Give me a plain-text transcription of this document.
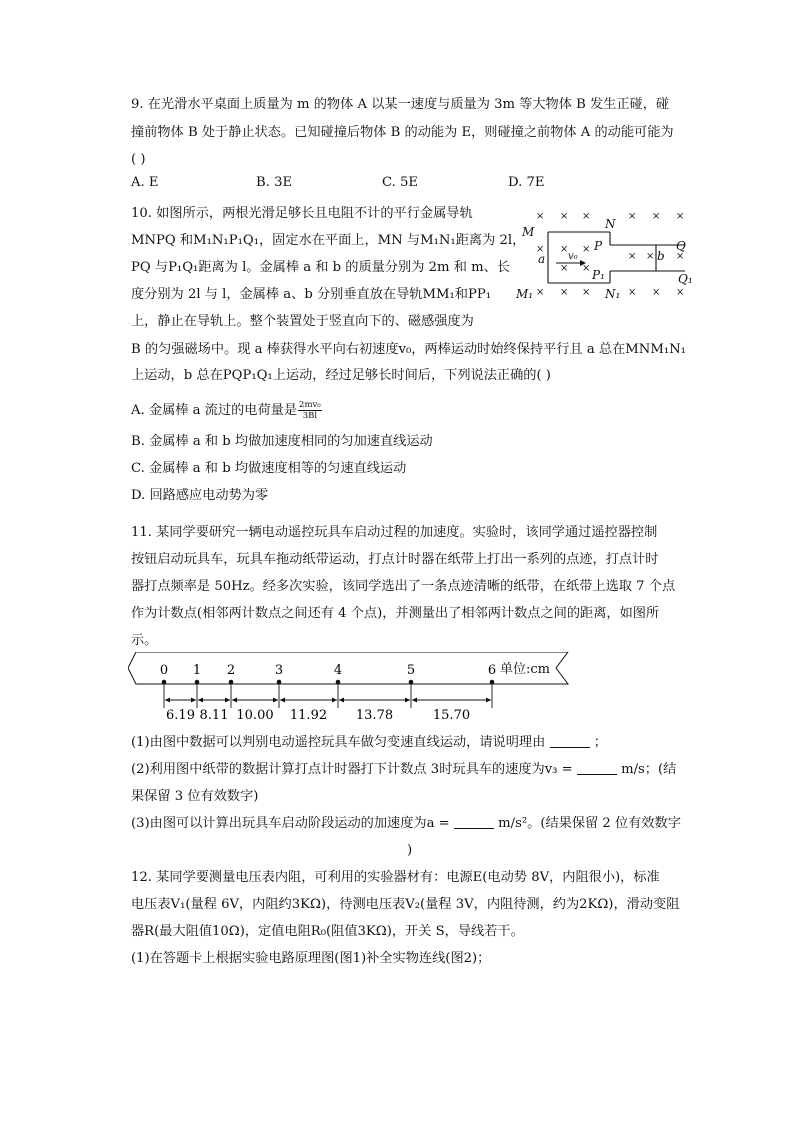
9. 在光滑水平桌面上质量为 m 的物体 A 以某一速度与质量为 3m 等大物体 B 发生正碰，碰
撞前物体 B 处于静止状态。已知碰撞后物体 B 的动能为 E，则碰撞之前物体 A 的动能可能为
( )
A. E	B. 3E	C. 5E	D. 7E
10. 如图所示，两根光滑足够长且电阻不计的平行金属导轨
MNPQ 和M₁N₁P₁Q₁，固定水在平面上，MN 与M₁N₁距离为 2l，
PQ 与P₁Q₁距离为 l。金属棒 a 和 b 的质量分别为 2m 和 m、长
度分别为 2l 与 l，金属棒 a、b 分别垂直放在导轨MM₁和PP₁
上，静止在导轨上。整个装置处于竖直向下的、磁感强度为
B 的匀强磁场中。现 a 棒获得水平向右初速度v₀，两棒运动时始终保持平行且 a 总在MNM₁N₁
上运动，b 总在PQP₁Q₁上运动，经过足够长时间后，下列说法正确的( )
A. 金属棒 a 流过的电荷量是 $\frac{\text{2mv₀}}{3Bl}$
B. 金属棒 a 和 b 均做加速度相同的匀加速直线运动
C. 金属棒 a 和 b 均做速度相等的匀速直线运动
D. 回路感应电动势为零
M
N
P	Q
M₁	N₁
P₁	Q₁
a	b
v₀
× × ×	× × ×
× × ×
× ×
× × ×
× × ×	× × ×
11. 某同学要研究一辆电动遥控玩具车启动过程的加速度。实验时，该同学通过遥控器控制
按钮启动玩具车，玩具车拖动纸带运动，打点计时器在纸带上打出一系列的点迹，打点计时
器打点频率是 50Hz。经多次实验，该同学选出了一条点迹清晰的纸带，在纸带上选取 7 个点
作为计数点(相邻两计数点之间还有 4 个点)，并测量出了相邻两计数点之间的距离，如图所
示。
0 1 2	3	4	5	6
6.19 8.11 10.00 11.92 13.78	15.70
单位:cm
(1)由图中数据可以判别电动遥控玩具车做匀变速直线运动，请说明理由	；
(2)利用图中纸带的数据计算打点计时器打下计数点 3时玩具车的速度为v₃ =	m/s；(结
果保留 3 位有效数字)
(3)由图可以计算出玩具车启动阶段运动的加速度为a =	m/s²。(结果保留 2 位有效数字
)
12. 某同学要测量电压表内阻，可利用的实验器材有：电源E(电动势 8V，内阻很小)，标准
电压表V₁(量程 6V，内阻约3KΩ)，待测电压表V₂(量程 3V，内阻待测，约为2KΩ)，滑动变阻
器R(最大阻值10Ω)，定值电阻R₀(阻值3KΩ)，开关 S，导线若干。
(1)在答题卡上根据实验电路原理图(图1)补全实物连线(图2)；
